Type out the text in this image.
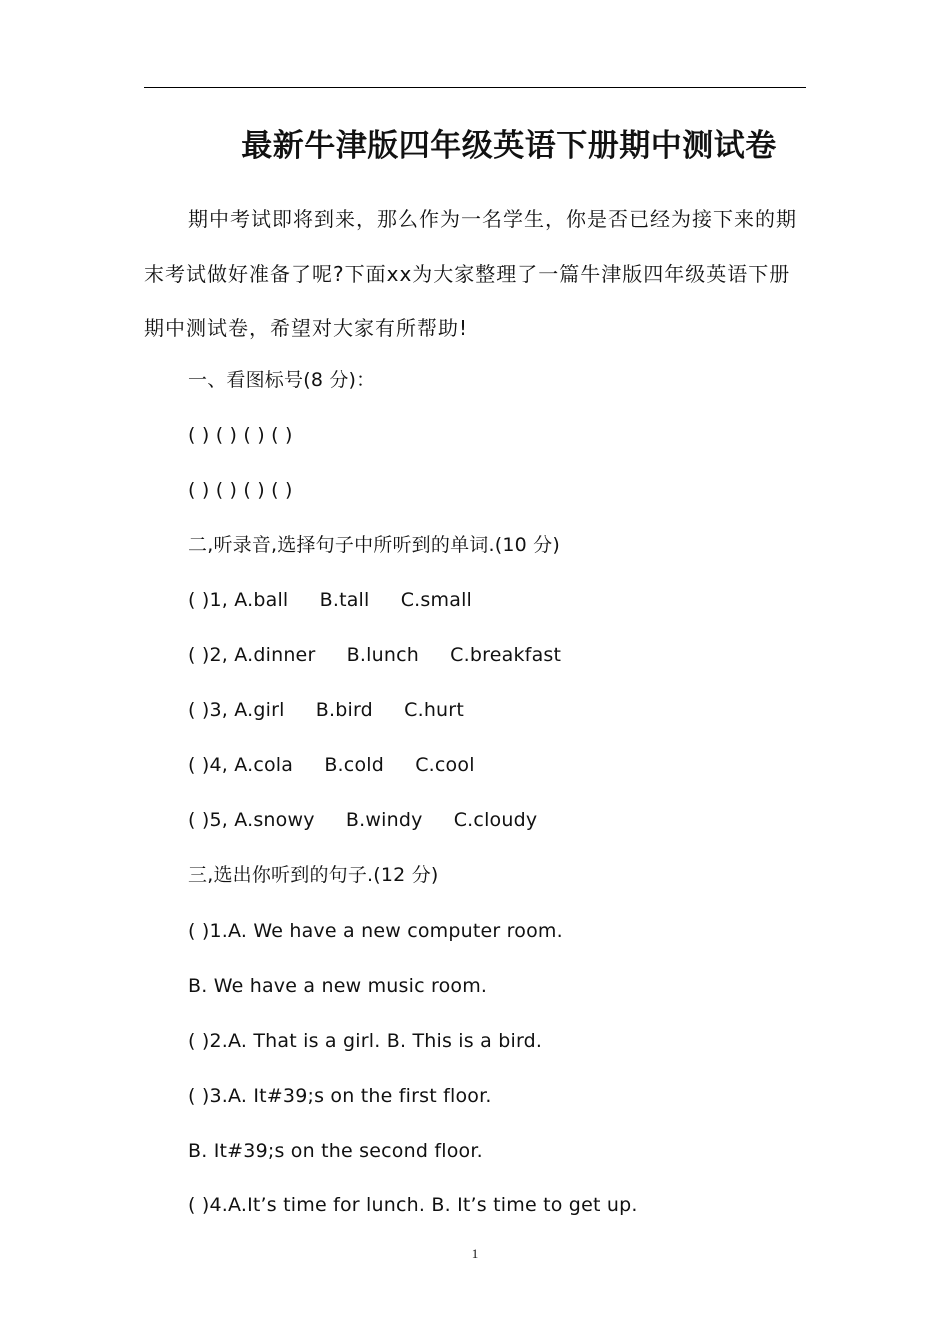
最新牛津版四年级英语下册期中测试卷
期中考试即将到来，那么作为一名学生，你是否已经为接下来的期末考试做好准备了呢?下面xx为大家整理了一篇牛津版四年级英语下册期中测试卷，希望对大家有所帮助!
一、看图标号(8 分)：
( ) ( ) ( ) ( )
( ) ( ) ( ) ( )
二,听录音,选择句子中所听到的单词.(10 分)
( )1, A.ball     B.tall     C.small
( )2, A.dinner     B.lunch     C.breakfast
( )3, A.girl     B.bird     C.hurt
( )4, A.cola     B.cold     C.cool
( )5, A.snowy     B.windy     C.cloudy
三,选出你听到的句子.(12 分)
( )1.A. We have a new computer room.
B. We have a new music room.
( )2.A. That is a girl. B. This is a bird.
( )3.A. It#39;s on the first floor.
B. It#39;s on the second floor.
( )4.A.It’s time for lunch. B. It’s time to get up.
1
